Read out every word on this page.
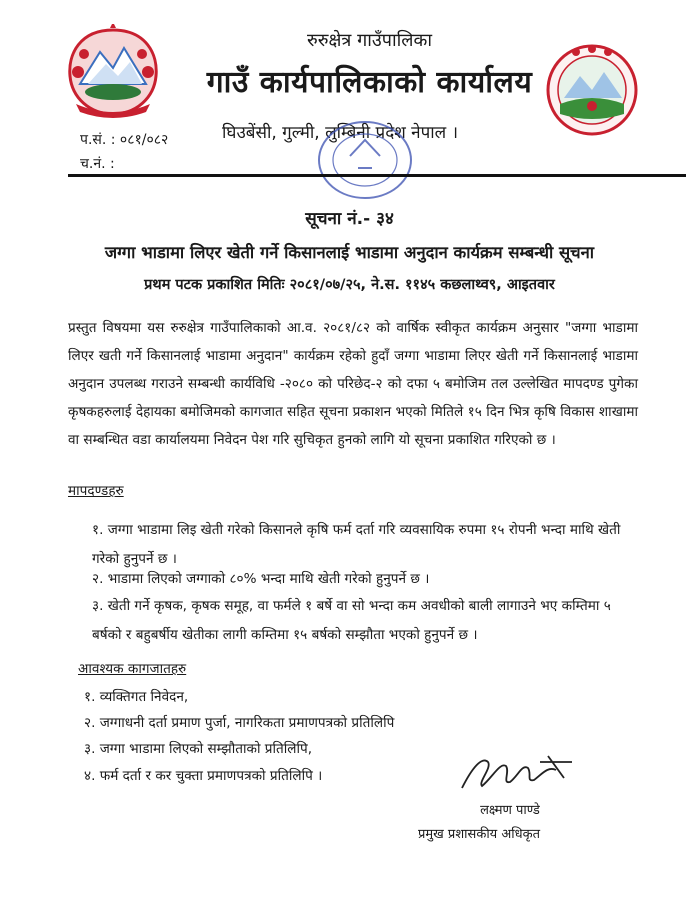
रुरुक्षेत्र गाउँपालिका
गाउँ कार्यपालिकाको कार्यालय
घिउबेंसी, गुल्मी, लुम्बिनी प्रदेश नेपाल ।
प.सं. : ०८१/०८२
च.नं. :
सूचना नं.- ३४
जग्गा भाडामा लिएर खेती गर्ने किसानलाई भाडामा अनुदान कार्यक्रम सम्बन्धी सूचना
प्रथम पटक प्रकाशित मितिः २०८१/०७/२५, ने.स. ११४५ कछलाथ्व९, आइतवार
प्रस्तुत विषयमा यस रुरुक्षेत्र गाउँपालिकाको आ.व. २०८१/८२ को वार्षिक स्वीकृत कार्यक्रम अनुसार "जग्गा भाडामा लिएर खती गर्ने किसानलाई भाडामा अनुदान" कार्यक्रम रहेको हुदाँ जग्गा भाडामा लिएर खेती गर्ने किसानलाई भाडामा अनुदान उपलब्ध गराउने सम्बन्धी कार्यविधि -२०८० को परिछेद-२ को दफा ५ बमोजिम तल उल्लेखित मापदण्ड पुगेका कृषकहरुलाई देहायका बमोजिमको कागजात सहित सूचना प्रकाशन भएको मितिले १५ दिन भित्र कृषि विकास शाखामा वा सम्बन्धित वडा कार्यालयमा निवेदन पेश गरि सुचिकृत हुनको लागि यो सूचना प्रकाशित गरिएको छ ।
मापदण्डहरु
१. जग्गा भाडामा लिइ खेती गरेको किसानले कृषि फर्म दर्ता गरि व्यवसायिक रुपमा १५ रोपनी भन्दा माथि खेती गरेको हुनुपर्ने छ ।
२. भाडामा लिएको जग्गाको ८०% भन्दा माथि खेती गरेको हुनुपर्ने छ ।
३. खेती गर्ने कृषक, कृषक समूह, वा फर्मले १ बर्षे वा सो भन्दा कम अवधीको बाली लागाउने भए कम्तिमा ५ बर्षको र बहुबर्षीय खेतीका लागी कम्तिमा १५ बर्षको सम्झौता भएको हुनुपर्ने छ ।
आवश्यक कागजातहरु
१. व्यक्तिगत निवेदन,
२. जग्गाधनी दर्ता प्रमाण पुर्जा, नागरिकता प्रमाणपत्रको प्रतिलिपि
३. जग्गा भाडामा लिएको सम्झौताको प्रतिलिपि,
४. फर्म दर्ता र कर चुक्ता प्रमाणपत्रको प्रतिलिपि ।
लक्ष्मण पाण्डे
प्रमुख प्रशासकीय अधिकृत
